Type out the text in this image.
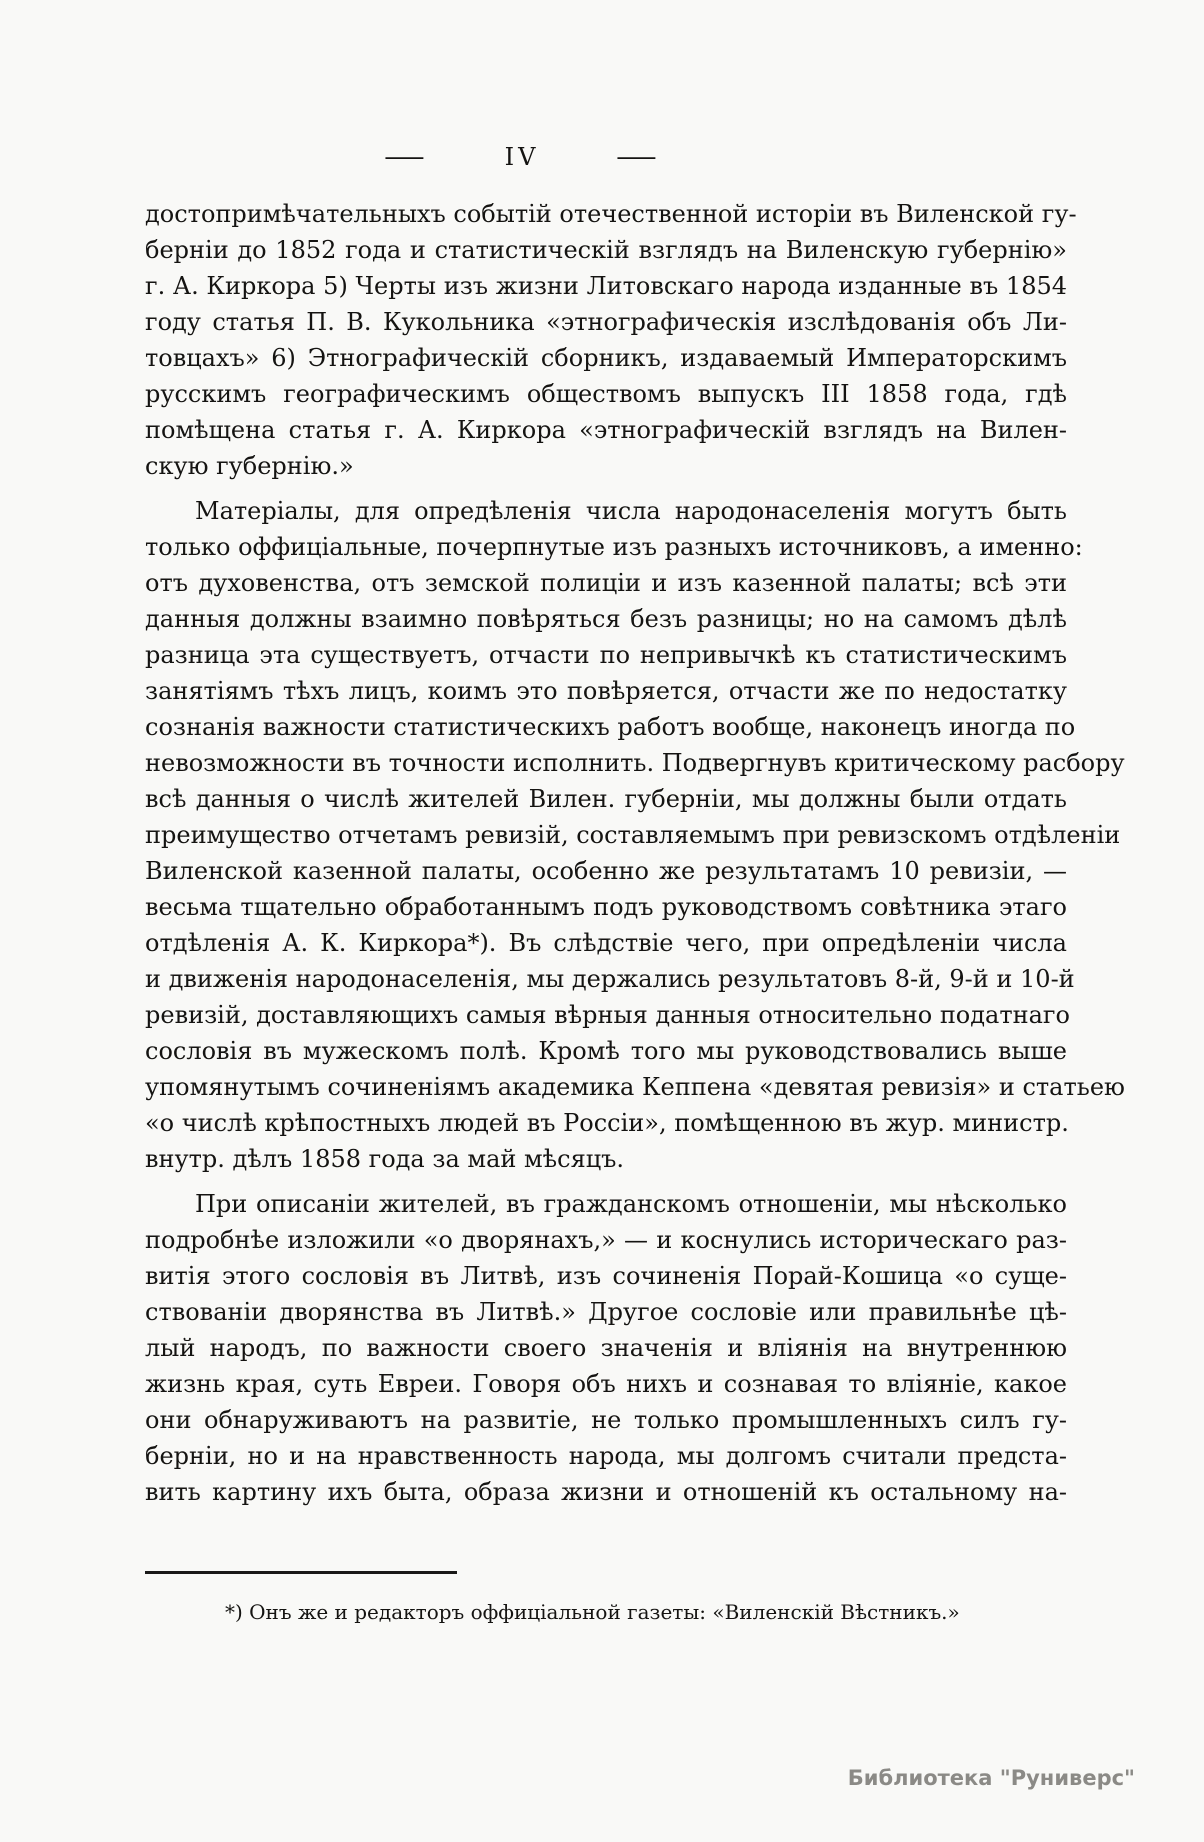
—	IV	—
достопримѣчательныхъ событій отечественной исторіи въ Виленской гу-
берніи до 1852 года и статистическій взглядъ на Виленскую губернію»
г. А. Киркора 5) Черты изъ жизни Литовскаго народа изданные въ 1854
году статья П. В. Кукольника «этнографическія изслѣдованія объ Ли-
товцахъ» 6) Этнографическій сборникъ, издаваемый Императорскимъ
русскимъ географическимъ обществомъ выпускъ III 1858 года, гдѣ
помѣщена статья г. А. Киркора «этнографическій взглядъ на Вилен-
скую губернію.»
Матеріалы, для опредѣленія числа народонаселенія могутъ быть
только оффиціальные, почерпнутые изъ разныхъ источниковъ, а именно:
отъ духовенства, отъ земской полиціи и изъ казенной палаты; всѣ эти
данныя должны взаимно повѣряться безъ разницы; но на самомъ дѣлѣ
разница эта существуетъ, отчасти по непривычкѣ къ статистическимъ
занятіямъ тѣхъ лицъ, коимъ это повѣряется, отчасти же по недостатку
сознанія важности статистическихъ работъ вообще, наконецъ иногда по
невозможности въ точности исполнить. Подвергнувъ критическому расбору
всѣ данныя о числѣ жителей Вилен. губерніи, мы должны были отдать
преимущество отчетамъ ревизій, составляемымъ при ревизскомъ отдѣленіи
Виленской казенной палаты, особенно же результатамъ 10 ревизіи, —
весьма тщательно обработаннымъ подъ руководствомъ совѣтника этаго
отдѣленія А. К. Киркора*). Въ слѣдствіе чего, при опредѣленіи числа
и движенія народонаселенія, мы держались результатовъ 8-й, 9-й и 10-й
ревизій, доставляющихъ самыя вѣрныя данныя относительно податнаго
сословія въ мужескомъ полѣ. Кромѣ того мы руководствовались выше
упомянутымъ сочиненіямъ академика Кеппена «девятая ревизія» и статьею
«о числѣ крѣпостныхъ людей въ Россіи», помѣщенною въ жур. министр.
внутр. дѣлъ 1858 года за май мѣсяцъ.
При описаніи жителей, въ гражданскомъ отношеніи, мы нѣсколько
подробнѣе изложили «о дворянахъ,» — и коснулись историческаго раз-
витія этого сословія въ Литвѣ, изъ сочиненія Порай-Кошица «о суще-
ствованіи дворянства въ Литвѣ.» Другое сословіе или правильнѣе цѣ-
лый народъ, по важности своего значенія и вліянія на внутреннюю
жизнь края, суть Евреи. Говоря объ нихъ и сознавая то вліяніе, какое
они обнаруживаютъ на развитіе, не только промышленныхъ силъ гу-
берніи, но и на нравственность народа, мы долгомъ считали предста-
вить картину ихъ быта, образа жизни и отношеній къ остальному на-
*) Онъ же и редакторъ оффиціальной газеты: «Виленскій Вѣстникъ.»
Библиотека "Руниверс"
